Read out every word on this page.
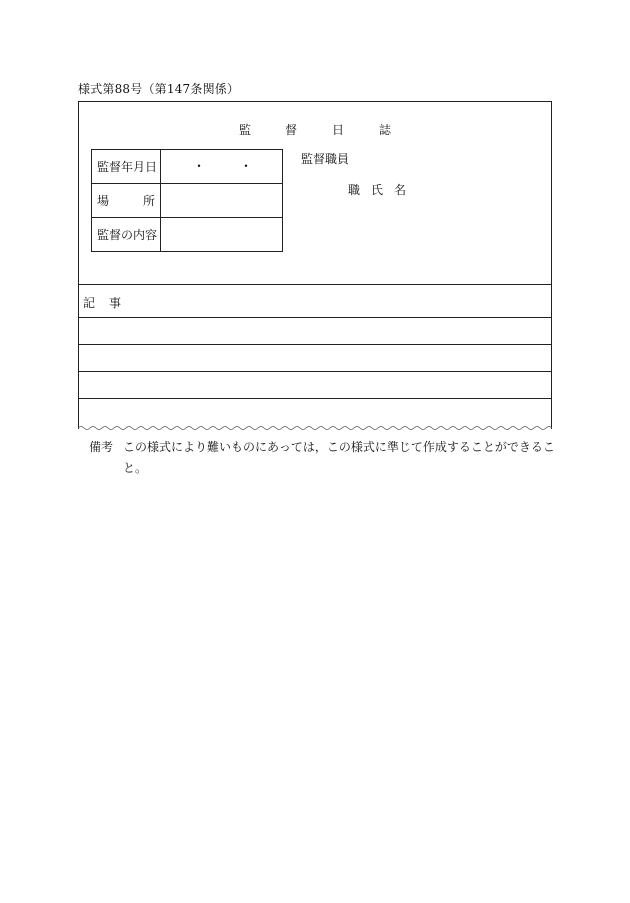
様式第88号（第147条関係）
監	督	日	誌
監督年月日	・ ・

場 所	

監督の内容	
監督職員
職 氏 名
記 事
備考 この様式により難いものにあっては，この様式に準じて作成することができるこ
と。
